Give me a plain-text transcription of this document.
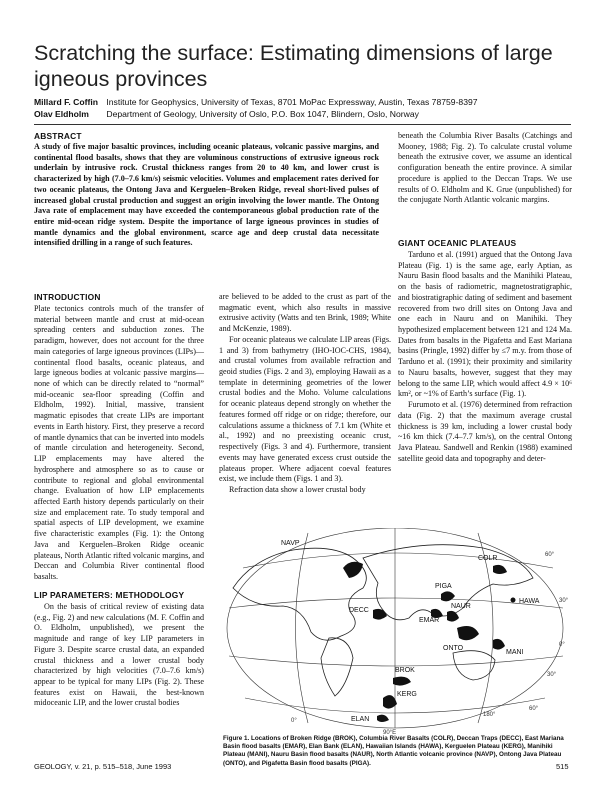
Scratching the surface: Estimating dimensions of large igneous provinces
Millard F. Coffin Institute for Geophysics, University of Texas, 8701 MoPac Expressway, Austin, Texas 78759-8397
Olav Eldholm Department of Geology, University of Oslo, P.O. Box 1047, Blindern, Oslo, Norway
ABSTRACT
A study of five major basaltic provinces, including oceanic plateaus, volcanic passive margins, and continental flood basalts, shows that they are voluminous constructions of extrusive igneous rock underlain by intrusive rock. Crustal thickness ranges from 20 to 40 km, and lower crust is characterized by high (7.0–7.6 km/s) seismic velocities. Volumes and emplacement rates derived for two oceanic plateaus, the Ontong Java and Kerguelen–Broken Ridge, reveal short-lived pulses of increased global crustal production and suggest an origin involving the lower mantle. The Ontong Java rate of emplacement may have exceeded the contemporaneous global production rate of the entire mid-ocean ridge system. Despite the importance of large igneous provinces in studies of mantle dynamics and the global environment, scarce age and deep crustal data necessitate intensified drilling in a range of such features.
INTRODUCTION

Plate tectonics controls much of the transfer of material between mantle and crust at mid-ocean spreading centers and subduction zones. The paradigm, however, does not account for the three main categories of large igneous provinces (LIPs)—continental flood basalts, oceanic plateaus, and large igneous bodies at volcanic passive margins—none of which can be directly related to “normal” mid-oceanic sea-floor spreading (Coffin and Eldholm, 1992). Initial, massive, transient magmatic episodes that create LIPs are important events in Earth history. First, they preserve a record of mantle dynamics that can be inverted into models of mantle circulation and heterogeneity. Second, LIP emplacements may have altered the hydrosphere and atmosphere so as to cause or contribute to regional and global environmental change. Evaluation of how LIP emplacements affected Earth history depends particularly on their size and emplacement rate. To study temporal and spatial aspects of LIP development, we examine five characteristic examples (Fig. 1): the Ontong Java and Kerguelen–Broken Ridge oceanic plateaus, North Atlantic rifted volcanic margins, and Deccan and Columbia River continental flood basalts.

LIP PARAMETERS: METHODOLOGY

On the basis of critical review of existing data (e.g., Fig. 2) and new calculations (M. F. Coffin and O. Eldholm, unpublished), we present the magnitude and range of key LIP parameters in Figure 3. Despite scarce crustal data, an expanded crustal thickness and a lower crustal body characterized by high velocities (7.0–7.6 km/s) appear to be typical for many LIPs (Fig. 2). These features exist on Hawaii, the best-known midoceanic LIP, and the lower crustal bodies

are believed to be added to the crust as part of the magmatic event, which also results in massive extrusive activity (Watts and ten Brink, 1989; White and McKenzie, 1989).

For oceanic plateaus we calculate LIP areas (Figs. 1 and 3) from bathymetry (IHO-IOC-CHS, 1984), and crustal volumes from available refraction and geoid studies (Figs. 2 and 3), employing Hawaii as a template in determining geometries of the lower crustal bodies and the Moho. Volume calculations for oceanic plateaus depend strongly on whether the features formed off ridge or on ridge; therefore, our calculations assume a thickness of 7.1 km (White et al., 1992) and no preexisting oceanic crust, respectively (Figs. 3 and 4). Furthermore, transient events may have generated excess crust outside the plateaus proper. Where adjacent coeval features exist, we include them (Figs. 1 and 3).

Refraction data show a lower crustal body

beneath the Columbia River Basalts (Catchings and Mooney, 1988; Fig. 2). To calculate crustal volume beneath the extrusive cover, we assume an identical configuration beneath the entire province. A similar procedure is applied to the Deccan Traps. We use results of O. Eldholm and K. Grue (unpublished) for the conjugate North Atlantic volcanic margins.

GIANT OCEANIC PLATEAUS

Tarduno et al. (1991) argued that the Ontong Java Plateau (Fig. 1) is the same age, early Aptian, as Nauru Basin flood basalts and the Manihiki Plateau, on the basis of radiometric, magnetostratigraphic, and biostratigraphic dating of sediment and basement recovered from two drill sites on Ontong Java and one each in Nauru and on Manihiki. They hypothesized emplacement between 121 and 124 Ma. Dates from basalts in the Pigafetta and East Mariana basins (Pringle, 1992) differ by ≤7 m.y. from those of Tarduno et al. (1991); their proximity and similarity to Nauru basalts, however, suggest that they may belong to the same LIP, which would affect 4.9 × 10⁶ km², or ~1% of Earth’s surface (Fig. 1).

Furumoto et al. (1976) determined from refraction data (Fig. 2) that the maximum average crustal thickness is 39 km, including a lower crustal body ~16 km thick (7.4–7.7 km/s), on the central Ontong Java Plateau. Sandwell and Renkin (1988) examined satellite geoid data and topography and deter-

NAVP
COLR
PIGA
HAWA
DECC
EMAR
NAUR
ONTO
MANI
BROK
KERG
ELAN
60°
30°
0°
30°
60°
0°
90°E
180°
Figure 1. Locations of Broken Ridge (BROK), Columbia River Basalts (COLR), Deccan Traps (DECC), East Mariana Basin flood basalts (EMAR), Elan Bank (ELAN), Hawaiian Islands (HAWA), Kerguelen Plateau (KERG), Manihiki Plateau (MANI), Nauru Basin flood basalts (NAUR), North Atlantic volcanic province (NAVP), Ontong Java Plateau (ONTO), and Pigafetta Basin flood basalts (PIGA).
GEOLOGY, v. 21, p. 515–518, June 1993	515
